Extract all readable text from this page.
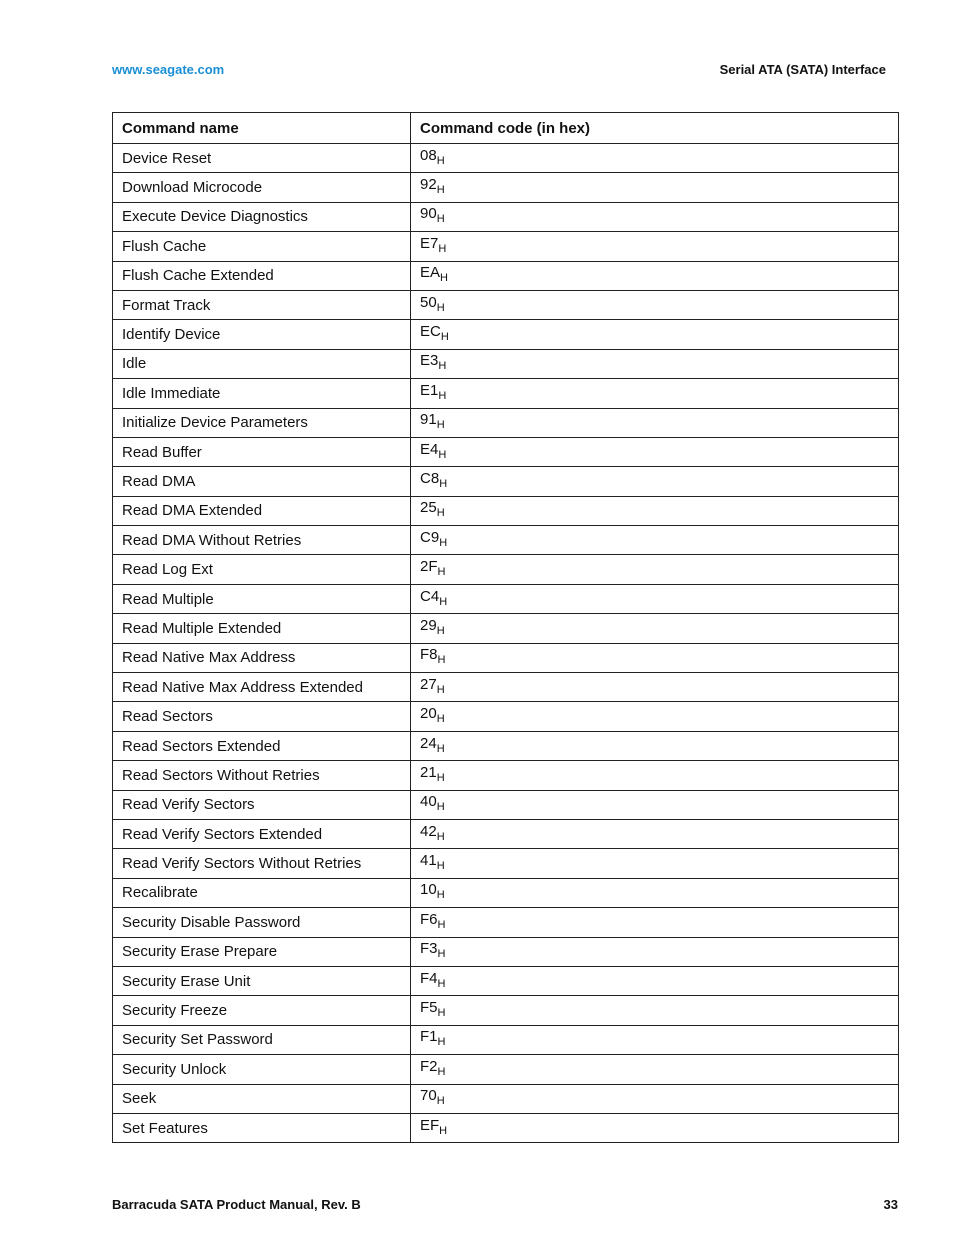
www.seagate.com	Serial ATA (SATA) Interface
Command name	Command code (in hex)
Device Reset	$08_H$
Download Microcode	$92_H$
Execute Device Diagnostics	$90_H$
Flush Cache	$E7_H$
Flush Cache Extended	$EA_H$
Format Track	$50_H$
Identify Device	$EC_H$
Idle	$E3_H$
Idle Immediate	$E1_H$
Initialize Device Parameters	$91_H$
Read Buffer	$E4_H$
Read DMA	$C8_H$
Read DMA Extended	$25_H$
Read DMA Without Retries	$C9_H$
Read Log Ext	$2F_H$
Read Multiple	$C4_H$
Read Multiple Extended	$29_H$
Read Native Max Address	$F8_H$
Read Native Max Address Extended	$27_H$
Read Sectors	$20_H$
Read Sectors Extended	$24_H$
Read Sectors Without Retries	$21_H$
Read Verify Sectors	$40_H$
Read Verify Sectors Extended	$42_H$
Read Verify Sectors Without Retries	$41_H$
Recalibrate	$10_H$
Security Disable Password	$F6_H$
Security Erase Prepare	$F3_H$
Security Erase Unit	$F4_H$
Security Freeze	$F5_H$
Security Set Password	$F1_H$
Security Unlock	$F2_H$
Seek	$70_H$
Set Features	$EF_H$
Barracuda SATA Product Manual, Rev. B	33
